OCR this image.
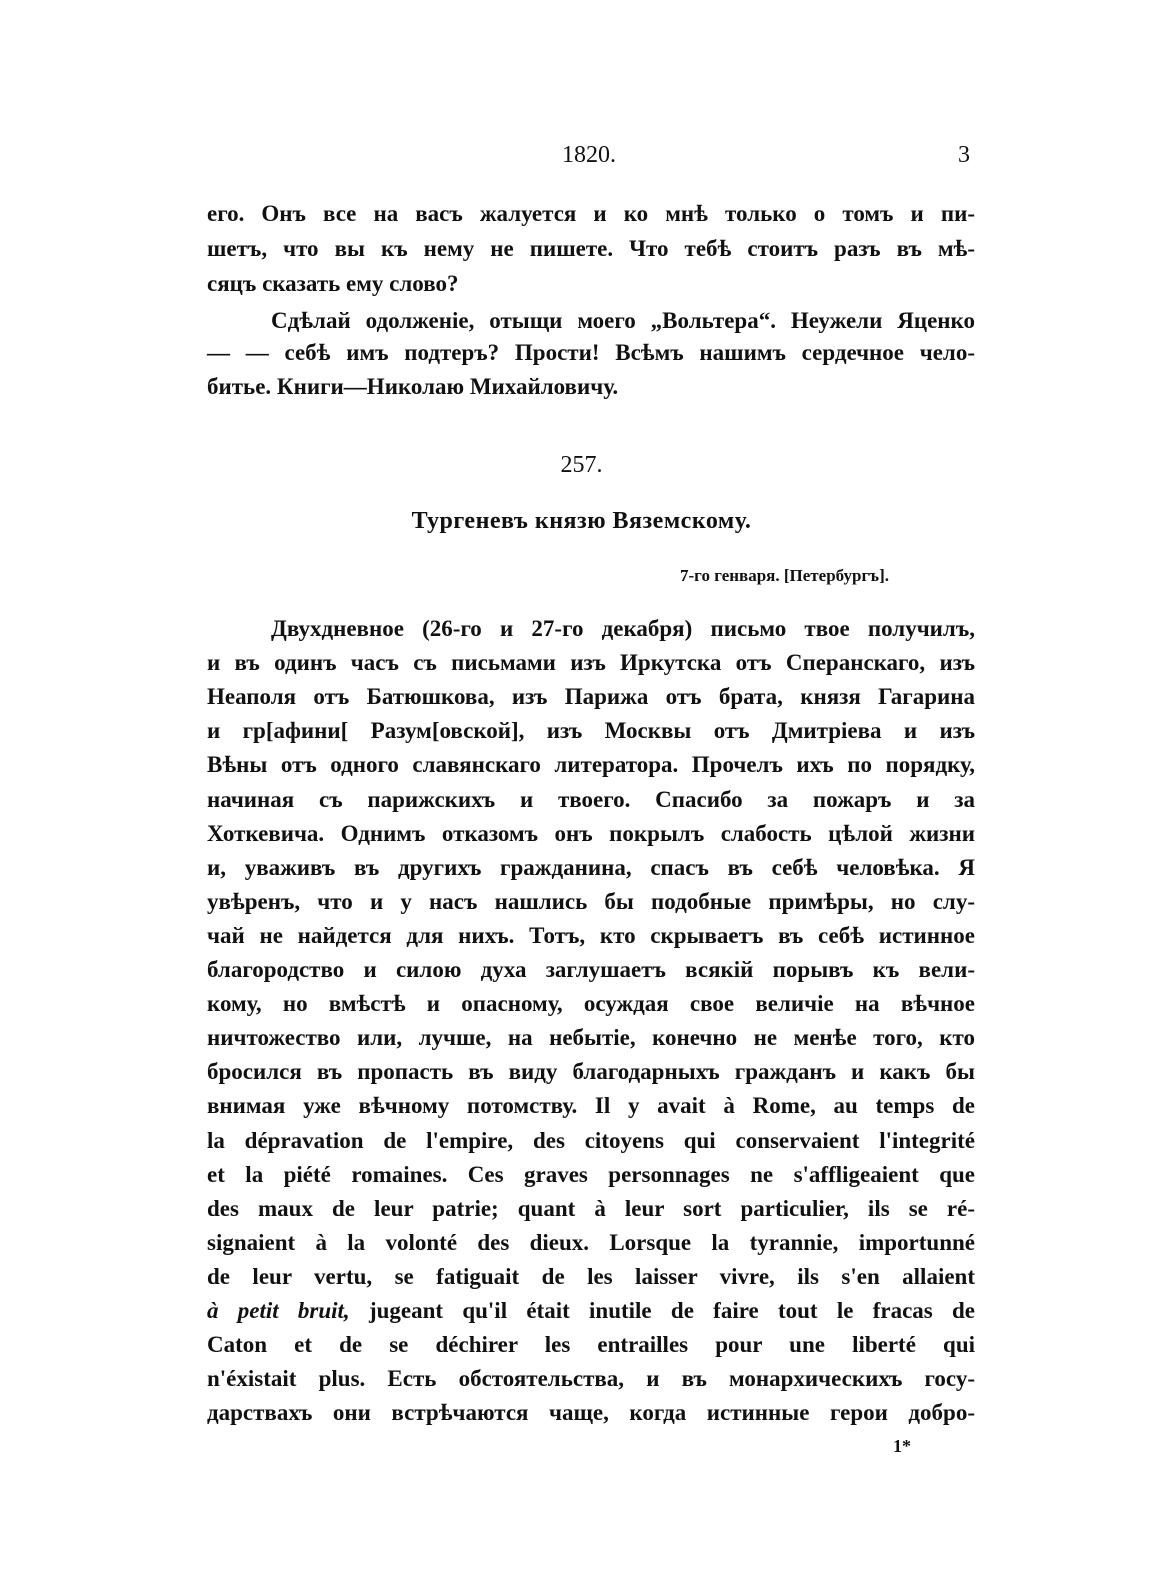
1820.	3
его. Онъ все на васъ жалуется и ко мнѣ только о томъ и пи-
шетъ, что вы къ нему не пишете. Что тебѣ стоитъ разъ въ мѣ-
сяцъ сказать ему слово?
Сдѣлай одолженіе, отыщи моего „Вольтера“. Неужели Яценко
— — себѣ имъ подтеръ? Прости! Всѣмъ нашимъ сердечное чело-
битье. Книги—Николаю Михайловичу.
257.
Тургеневъ князю Вяземскому.
7-го генваря. [Петербургъ].
Двухдневное (26-го и 27-го декабря) письмо твое получилъ,
и въ одинъ часъ съ письмами изъ Иркутска отъ Сперанскаго, изъ
Неаполя отъ Батюшкова, изъ Парижа отъ брата, князя Гагарина
и гр[афини[ Разум[овской], изъ Москвы отъ Дмитріева и изъ
Вѣны отъ одного славянскаго литератора. Прочелъ ихъ по порядку,
начиная съ парижскихъ и твоего. Спасибо за пожаръ и за
Хоткевича. Однимъ отказомъ онъ покрылъ слабость цѣлой жизни
и, уваживъ въ другихъ гражданина, спасъ въ себѣ человѣка. Я
увѣренъ, что и у насъ нашлись бы подобные примѣры, но слу-
чай не найдется для нихъ. Тотъ, кто скрываетъ въ себѣ истинное
благородство и силою духа заглушаетъ всякій порывъ къ вели-
кому, но вмѣстѣ и опасному, осуждая свое величіе на вѣчное
ничтожество или, лучше, на небытіе, конечно не менѣе того, кто
бросился въ пропасть въ виду благодарныхъ гражданъ и какъ бы
внимая уже вѣчному потомству. Il y avait à Rome, au temps de
la dépravation de l'empire, des citoyens qui conservaient l'integrité
et la piété romaines. Ces graves personnages ne s'affligeaient que
des maux de leur patrie; quant à leur sort particulier, ils se ré-
signaient à la volonté des dieux. Lorsque la tyrannie, importunné
de leur vertu, se fatiguait de les laisser vivre, ils s'en allaient
à petit bruit, jugeant qu'il était inutile de faire tout le fracas de
Caton et de se déchirer les entrailles pour une liberté qui
n'éxistait plus. Есть обстоятельства, и въ монархическихъ госу-
дарствахъ они встрѣчаются чаще, когда истинные герои добро-
1*
